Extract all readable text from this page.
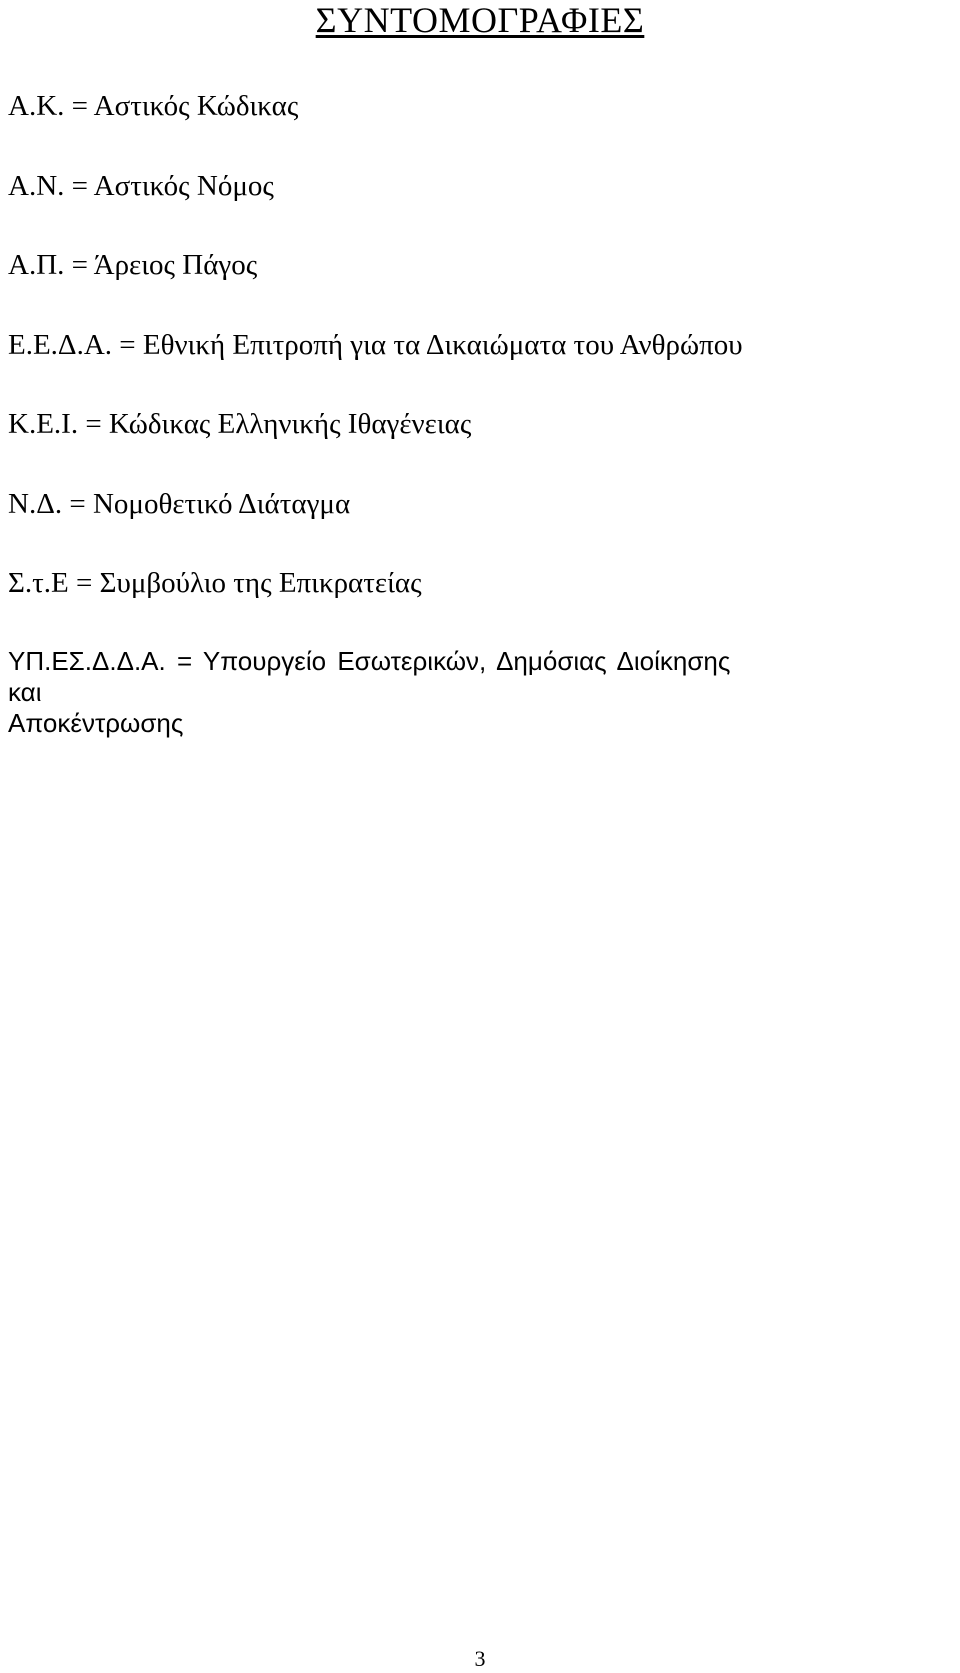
ΣΥΝΤΟΜΟΓΡΑΦΙΕΣ
Α.Κ. = Αστικός Κώδικας
Α.Ν. = Αστικός Νόμος
Α.Π. = Άρειος Πάγος
Ε.Ε.Δ.Α. = Εθνική Επιτροπή για τα Δικαιώματα του Ανθρώπου
Κ.Ε.Ι. = Κώδικας Ελληνικής Ιθαγένειας
Ν.Δ. = Νομοθετικό Διάταγμα
Σ.τ.Ε = Συμβούλιο της Επικρατείας
ΥΠ.ΕΣ.Δ.Δ.Α. = Υπουργείο Εσωτερικών, Δημόσιας Διοίκησης
και
Αποκέντρωσης
3
